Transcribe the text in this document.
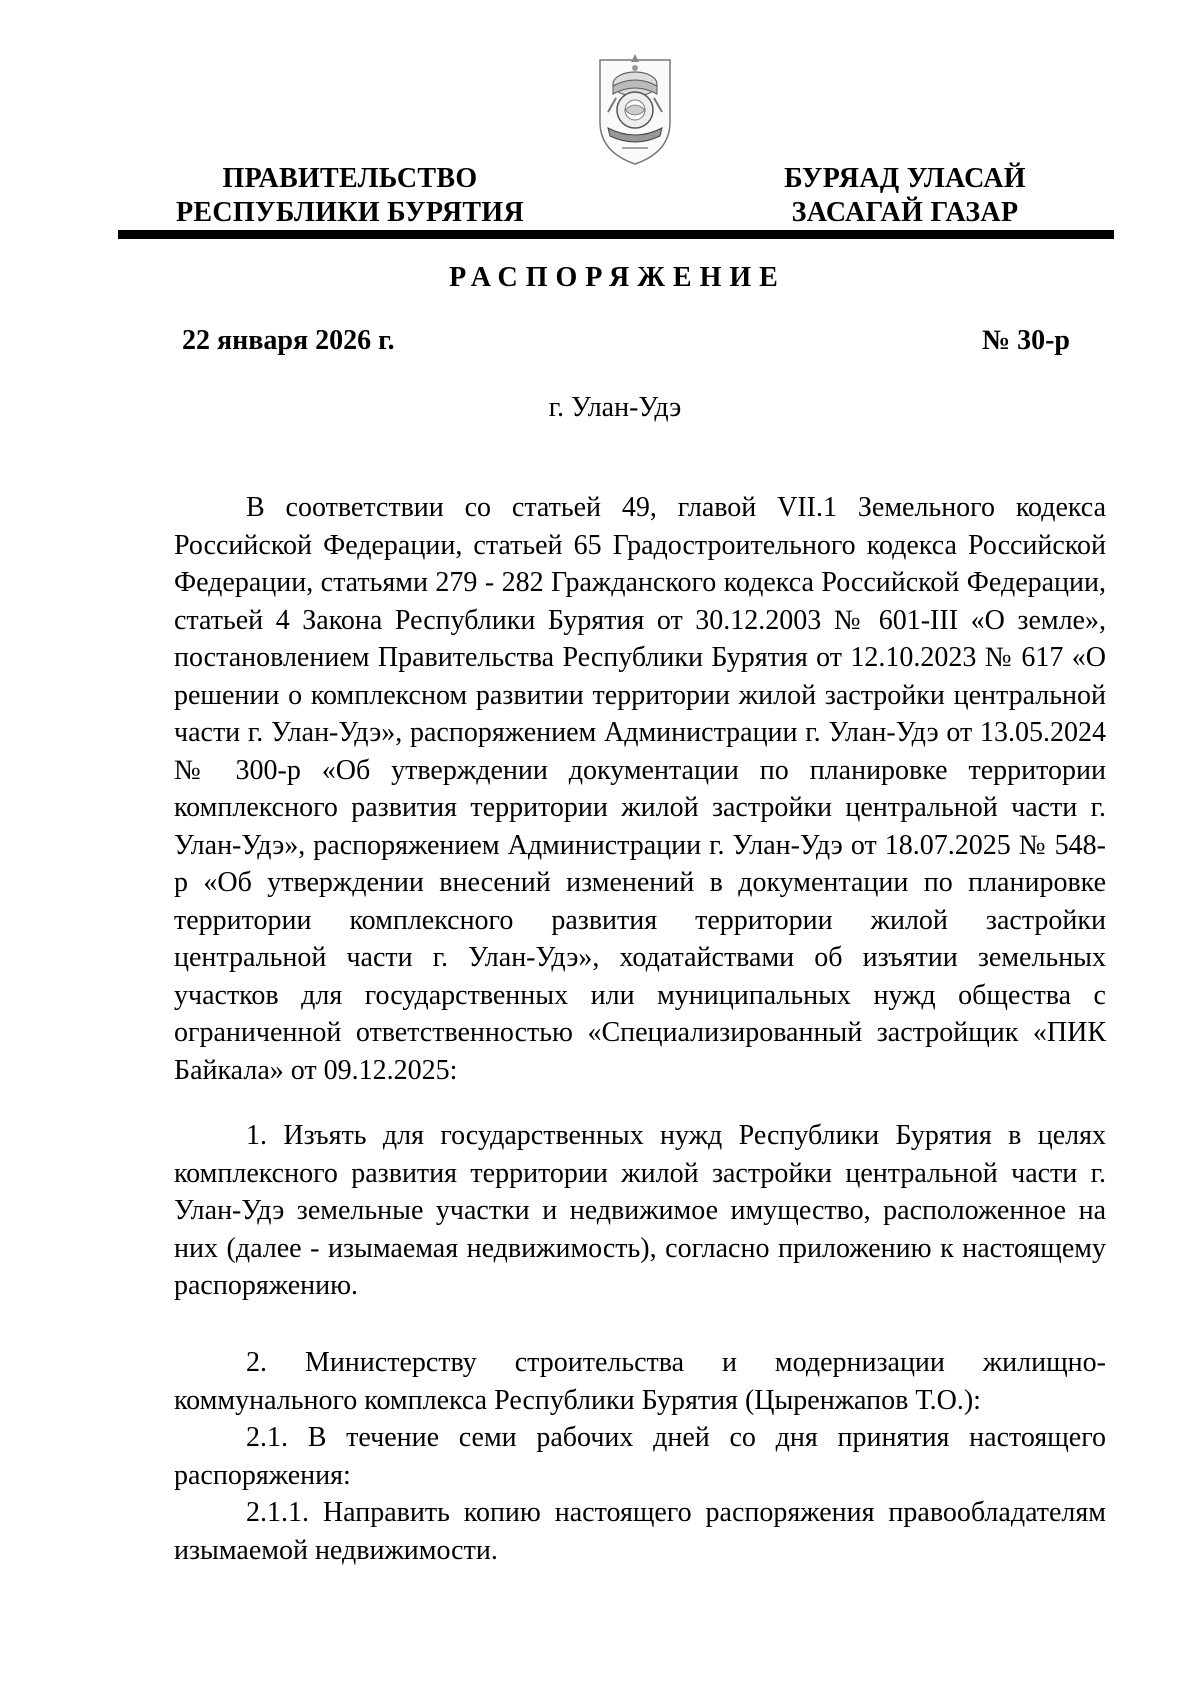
ПРАВИТЕЛЬСТВО
РЕСПУБЛИКИ БУРЯТИЯ
БУРЯАД УЛАСАЙ
ЗАСАГАЙ ГАЗАР
РАСПОРЯЖЕНИЕ
22 января 2026 г.	№ 30-р
г. Улан-Удэ

В соответствии со статьей 49, главой VII.1 Земельного кодекса Российской Федерации, статьей 65 Градостроительного кодекса Российской Федерации, статьями 279 - 282 Гражданского кодекса Российской Федерации, статьей 4 Закона Республики Бурятия от 30.12.2003 № 601-III «О земле», постановлением Правительства Республики Бурятия от 12.10.2023 № 617 «О решении о комплексном развитии территории жилой застройки центральной части г. Улан-Удэ», распоряжением Администрации г. Улан-Удэ от 13.05.2024 № 300-р «Об утверждении документации по планировке территории комплексного развития территории жилой застройки центральной части г. Улан-Удэ», распоряжением Администрации г. Улан-Удэ от 18.07.2025 № 548-р «Об утверждении внесений изменений в документации по планировке территории комплексного развития территории жилой застройки центральной части г. Улан-Удэ», ходатайствами об изъятии земельных участков для государственных или муниципальных нужд общества с ограниченной ответственностью «Специализированный застройщик «ПИК Байкала» от 09.12.2025:

1. Изъять для государственных нужд Республики Бурятия в целях комплексного развития территории жилой застройки центральной части г. Улан-Удэ земельные участки и недвижимое имущество, расположенное на них (далее - изымаемая недвижимость), согласно приложению к настоящему распоряжению.

2. Министерству строительства и модернизации жилищно-коммунального комплекса Республики Бурятия (Цыренжапов Т.О.):

2.1. В течение семи рабочих дней со дня принятия настоящего распоряжения:

2.1.1. Направить копию настоящего распоряжения правообладателям изымаемой недвижимости.
